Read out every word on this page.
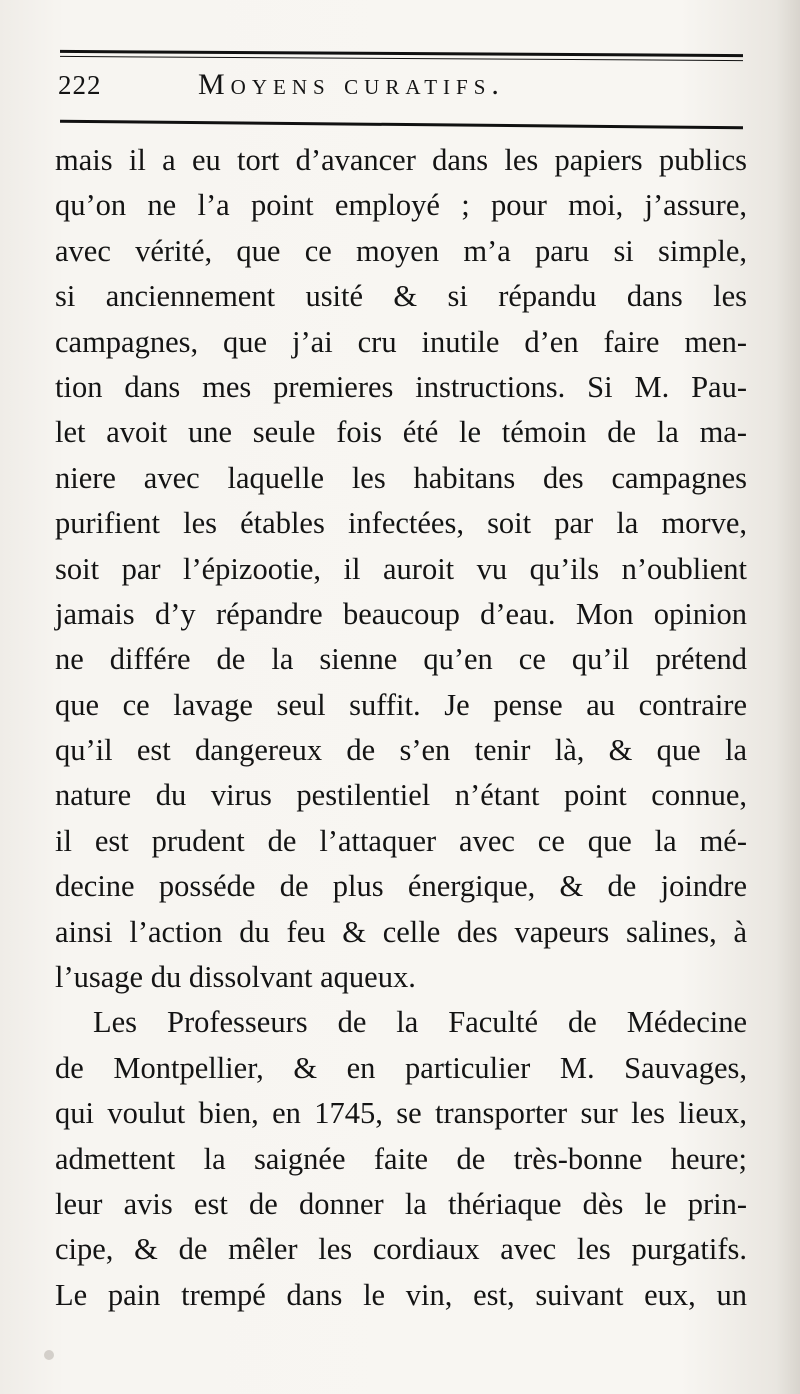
222	Moyens curatifs.
mais il a eu tort d’avancer dans les papiers publics
qu’on ne l’a point employé ; pour moi, j’assure,
avec vérité, que ce moyen m’a paru si simple,
si anciennement usité & si répandu dans les
campagnes, que j’ai cru inutile d’en faire men-
tion dans mes premieres instructions. Si M. Pau-
let avoit une seule fois été le témoin de la ma-
niere avec laquelle les habitans des campagnes
purifient les étables infectées, soit par la morve,
soit par l’épizootie, il auroit vu qu’ils n’oublient
jamais d’y répandre beaucoup d’eau. Mon opinion
ne différe de la sienne qu’en ce qu’il prétend
que ce lavage seul suffit. Je pense au contraire
qu’il est dangereux de s’en tenir là, & que la
nature du virus pestilentiel n’étant point connue,
il est prudent de l’attaquer avec ce que la mé-
decine posséde de plus énergique, & de joindre
ainsi l’action du feu & celle des vapeurs salines, à
l’usage du dissolvant aqueux.
Les Professeurs de la Faculté de Médecine
de Montpellier, & en particulier M. Sauvages,
qui voulut bien, en 1745, se transporter sur les lieux,
admettent la saignée faite de très-bonne heure;
leur avis est de donner la thériaque dès le prin-
cipe, & de mêler les cordiaux avec les purgatifs.
Le pain trempé dans le vin, est, suivant eux, un
